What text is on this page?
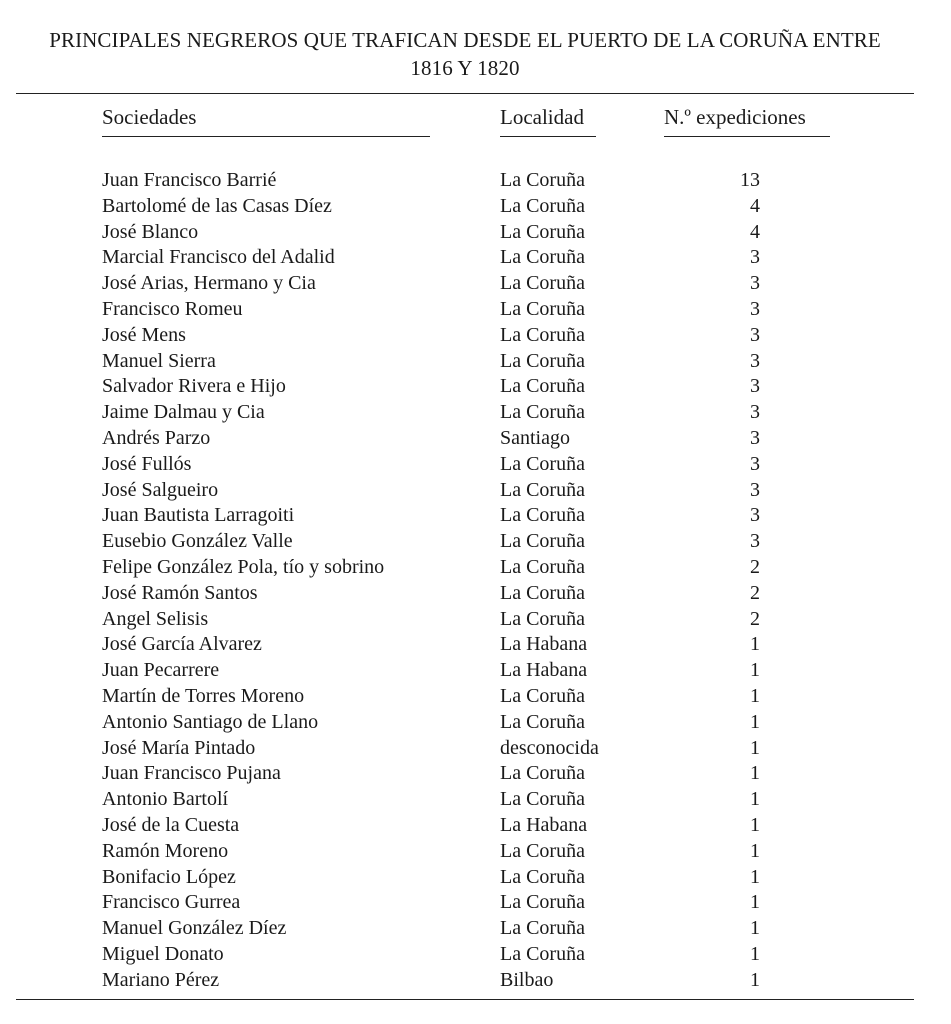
PRINCIPALES NEGREROS QUE TRAFICAN DESDE EL PUERTO DE LA CORUÑA ENTRE
1816 Y 1820
Sociedades	Localidad	N.º expediciones
Juan Francisco Barrié	La Coruña	13
Bartolomé de las Casas Díez	La Coruña	4
José Blanco	La Coruña	4
Marcial Francisco del Adalid	La Coruña	3
José Arias, Hermano y Cia	La Coruña	3
Francisco Romeu	La Coruña	3
José Mens	La Coruña	3
Manuel Sierra	La Coruña	3
Salvador Rivera e Hijo	La Coruña	3
Jaime Dalmau y Cia	La Coruña	3
Andrés Parzo	Santiago	3
José Fullós	La Coruña	3
José Salgueiro	La Coruña	3
Juan Bautista Larragoiti	La Coruña	3
Eusebio González Valle	La Coruña	3
Felipe González Pola, tío y sobrino	La Coruña	2
José Ramón Santos	La Coruña	2
Angel Selisis	La Coruña	2
José García Alvarez	La Habana	1
Juan Pecarrere	La Habana	1
Martín de Torres Moreno	La Coruña	1
Antonio Santiago de Llano	La Coruña	1
José María Pintado	desconocida	1
Juan Francisco Pujana	La Coruña	1
Antonio Bartolí	La Coruña	1
José de la Cuesta	La Habana	1
Ramón Moreno	La Coruña	1
Bonifacio López	La Coruña	1
Francisco Gurrea	La Coruña	1
Manuel González Díez	La Coruña	1
Miguel Donato	La Coruña	1
Mariano Pérez	Bilbao	1
